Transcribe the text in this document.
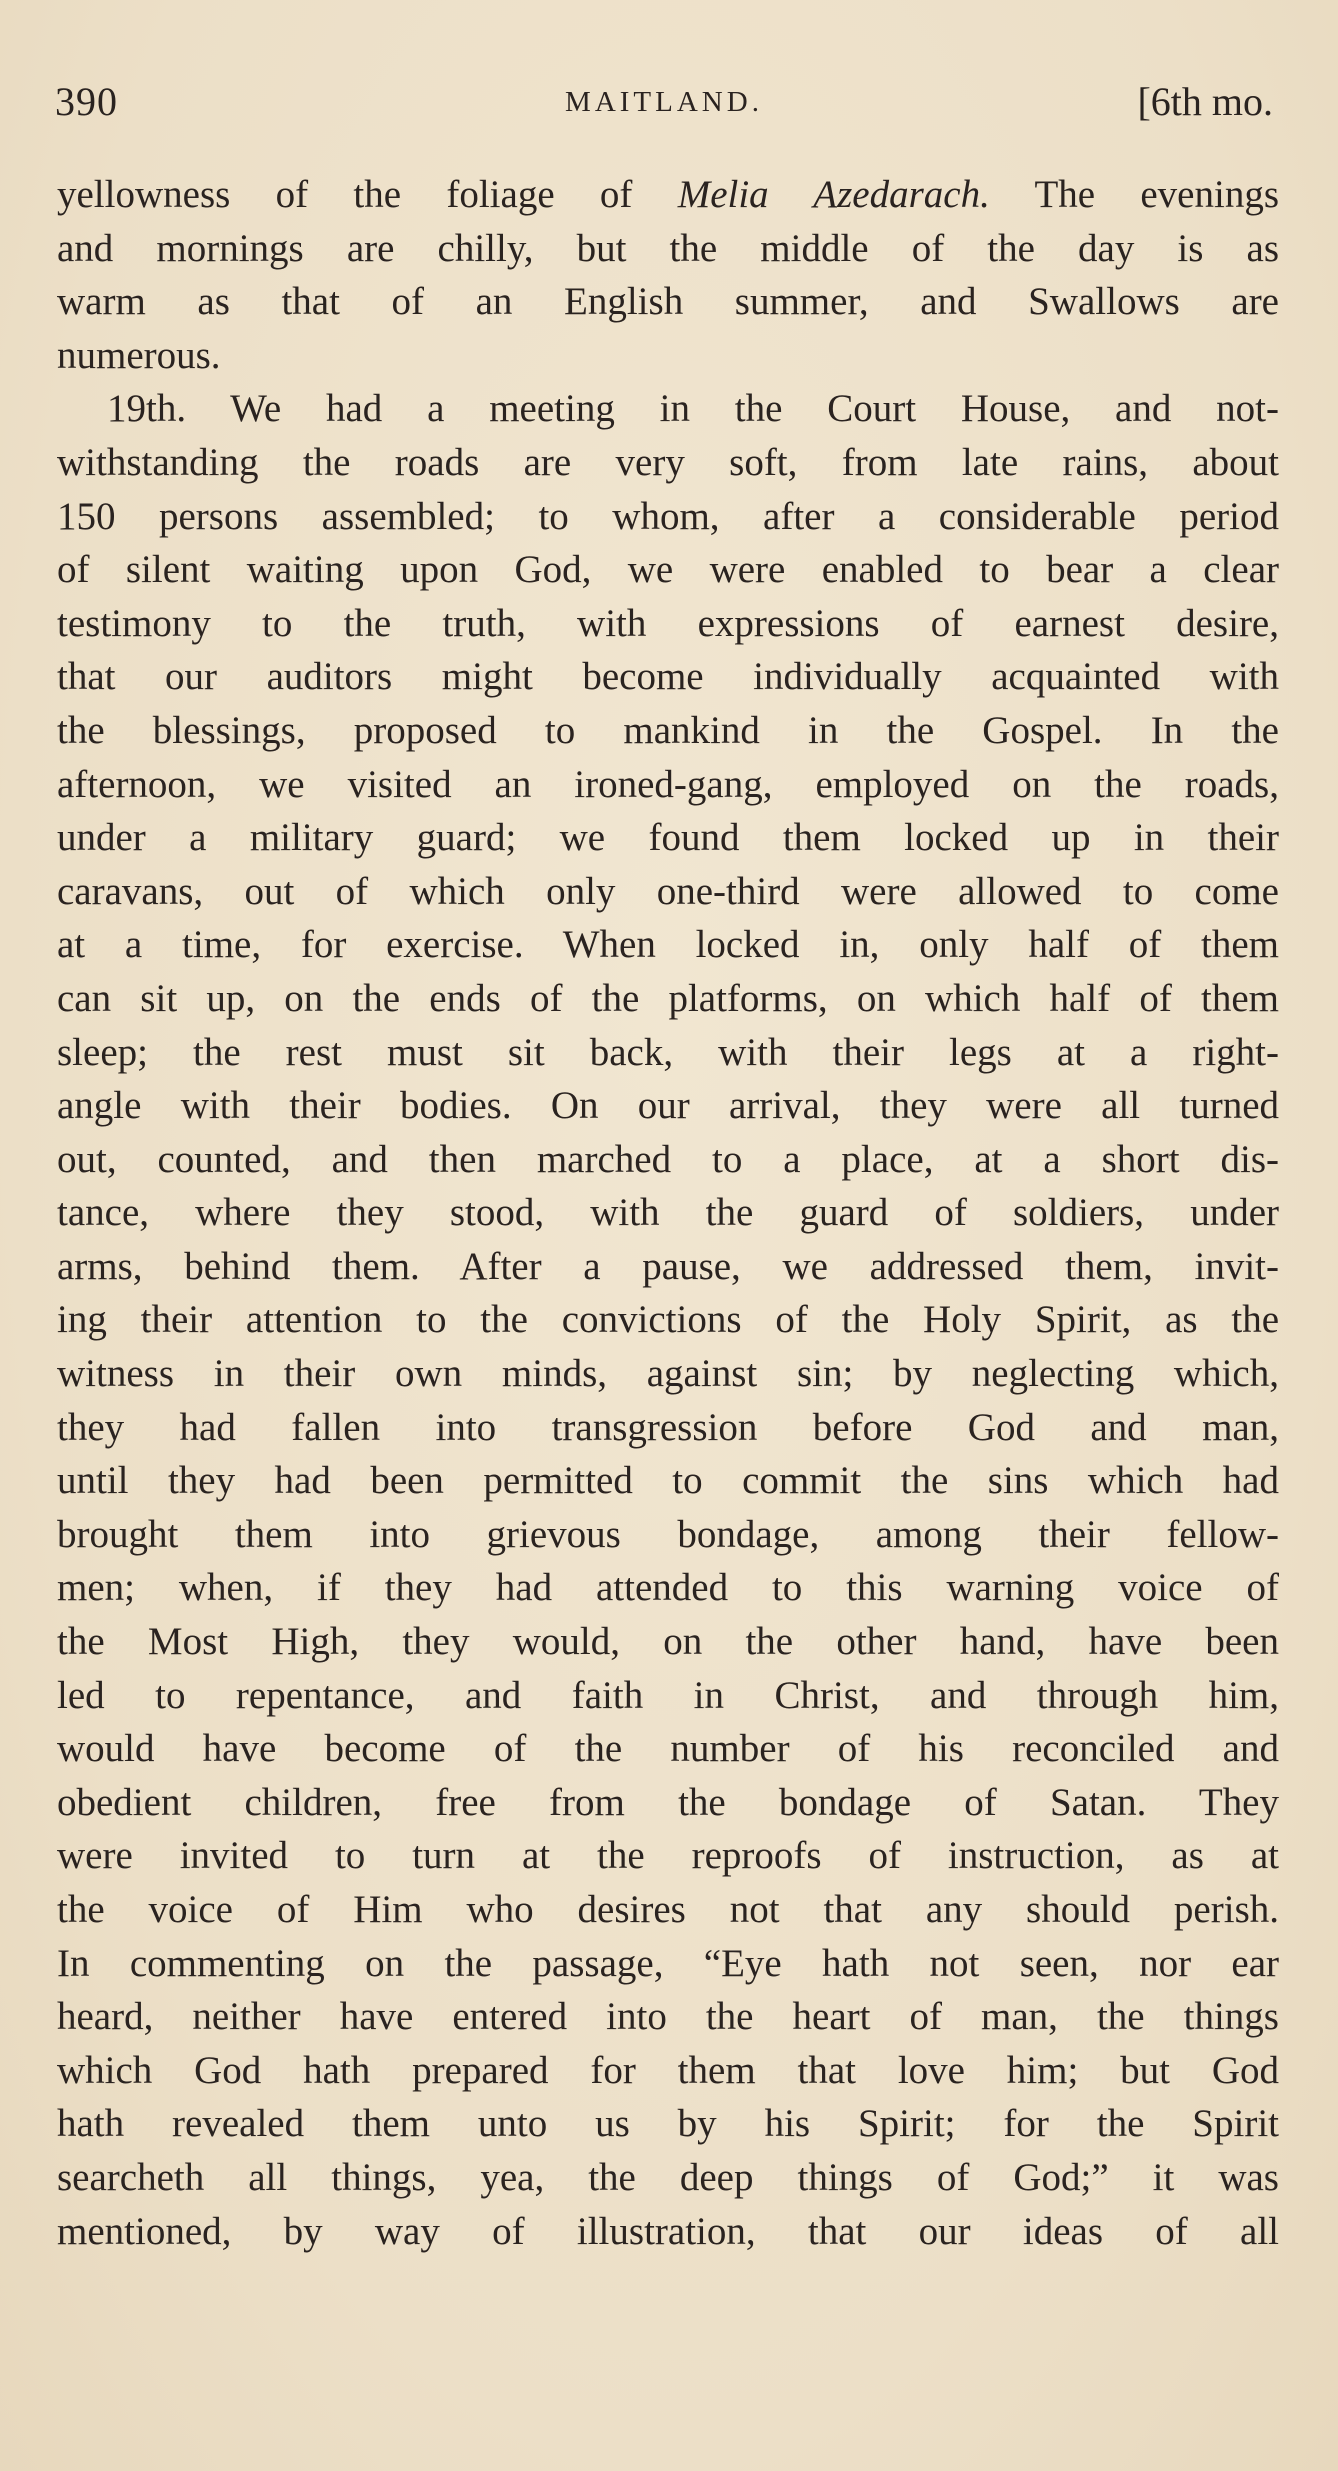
390	MAITLAND.	[6th mo.
yellowness of the foliage of Melia Azedarach. The evenings
and mornings are chilly, but the middle of the day is as
warm as that of an English summer, and Swallows are
numerous.
19th. We had a meeting in the Court House, and not-
withstanding the roads are very soft, from late rains, about
150 persons assembled; to whom, after a considerable period
of silent waiting upon God, we were enabled to bear a clear
testimony to the truth, with expressions of earnest desire,
that our auditors might become individually acquainted with
the blessings, proposed to mankind in the Gospel. In the
afternoon, we visited an ironed-gang, employed on the roads,
under a military guard; we found them locked up in their
caravans, out of which only one-third were allowed to come
at a time, for exercise. When locked in, only half of them
can sit up, on the ends of the platforms, on which half of them
sleep; the rest must sit back, with their legs at a right-
angle with their bodies. On our arrival, they were all turned
out, counted, and then marched to a place, at a short dis-
tance, where they stood, with the guard of soldiers, under
arms, behind them. After a pause, we addressed them, invit-
ing their attention to the convictions of the Holy Spirit, as the
witness in their own minds, against sin; by neglecting which,
they had fallen into transgression before God and man,
until they had been permitted to commit the sins which had
brought them into grievous bondage, among their fellow-
men; when, if they had attended to this warning voice of
the Most High, they would, on the other hand, have been
led to repentance, and faith in Christ, and through him,
would have become of the number of his reconciled and
obedient children, free from the bondage of Satan. They
were invited to turn at the reproofs of instruction, as at
the voice of Him who desires not that any should perish.
In commenting on the passage, “Eye hath not seen, nor ear
heard, neither have entered into the heart of man, the things
which God hath prepared for them that love him; but God
hath revealed them unto us by his Spirit; for the Spirit
searcheth all things, yea, the deep things of God;” it was
mentioned, by way of illustration, that our ideas of all
